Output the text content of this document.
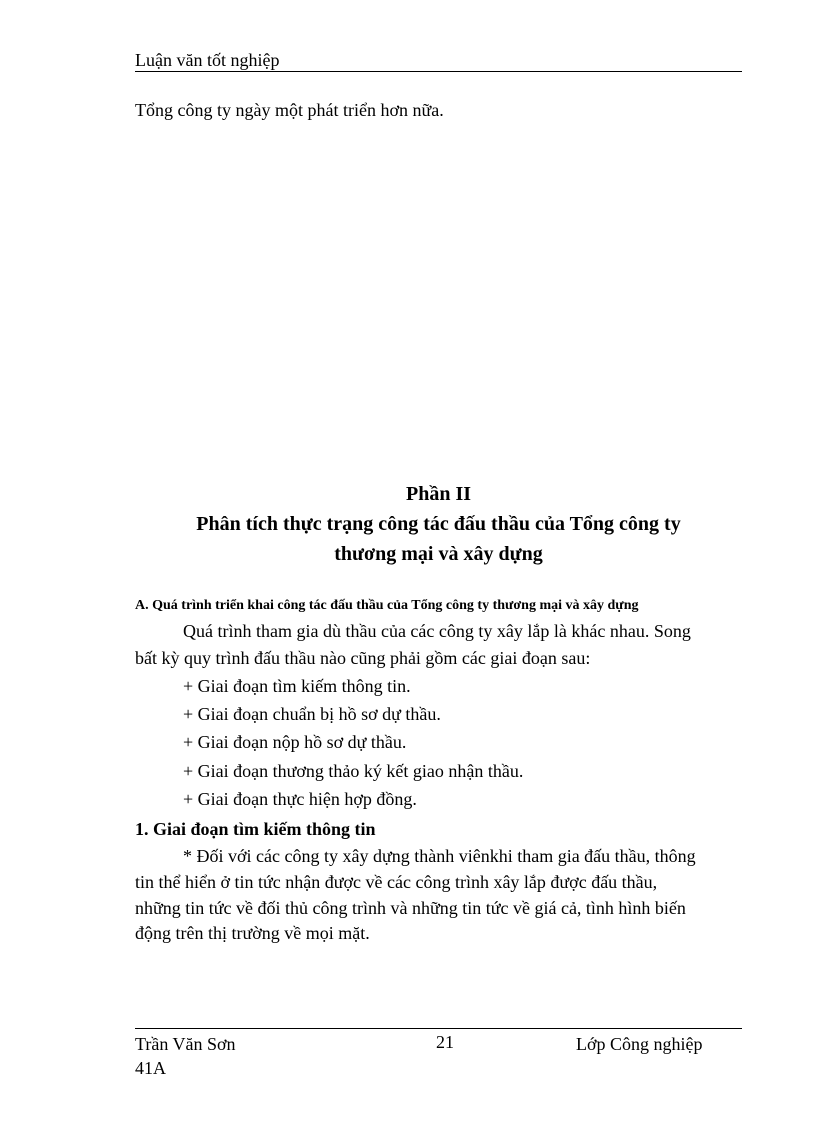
Luận văn tốt nghiệp
Tổng công ty ngày một phát triển hơn nữa.
Phần II
Phân tích thực trạng công tác đấu thầu của Tổng công ty
thương mại và xây dựng
A. Quá trình triển khai công tác đấu thầu của Tổng công ty thương mại và xây dựng
Quá trình tham gia dù thầu của các công ty xây lắp là khác nhau. Song
bất kỳ quy trình đấu thầu nào cũng phải gồm các giai đoạn sau:
+ Giai đoạn tìm kiếm thông tin.
+ Giai đoạn chuẩn bị hồ sơ dự thầu.
+ Giai đoạn nộp hồ sơ dự thầu.
+ Giai đoạn thương thảo ký kết giao nhận thầu.
+ Giai đoạn thực hiện hợp đồng.
1. Giai đoạn tìm kiếm thông tin
* Đối với các công ty xây dựng thành viênkhi tham gia đấu thầu, thông
tin thể hiển ở tin tức nhận được về các công trình xây lắp được đấu thầu,
những tin tức về đối thủ công trình và những tin tức về giá cả, tình hình biến
động trên thị trường về mọi mặt.
Trần Văn Sơn
41A
21	Lớp Công nghiệp
